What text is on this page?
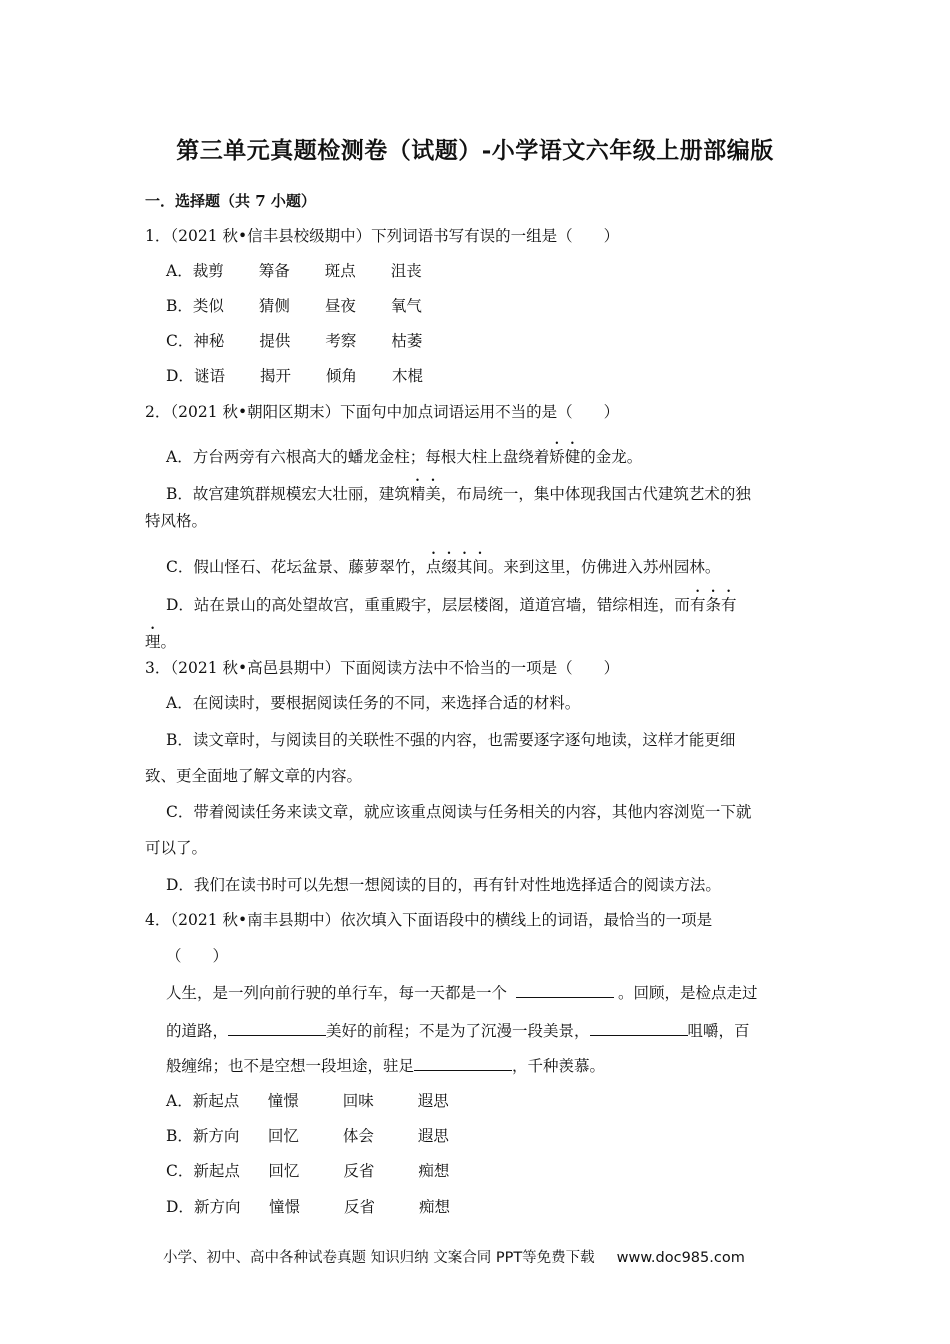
第三单元真题检测卷（试题）-小学语文六年级上册部编版
一．选择题（共 7 小题）
1．（2021 秋•信丰县校级期中）下列词语书写有误的一组是（　　）
A．裁剪 筹备 斑点 沮丧
B．类似 猜侧 昼夜 氧气
C．神秘 提供 考察 枯萎
D．谜语 揭开 倾角 木棍
2．（2021 秋•朝阳区期末）下面句中加点词语运用不当的是（　　）
A．方台两旁有六根高大的蟠龙金柱；每根大柱上盘绕着矫健的金龙。
B．故宫建筑群规模宏大壮丽，建筑精美，布局统一，集中体现我国古代建筑艺术的独
特风格。
C．假山怪石、花坛盆景、藤萝翠竹，点缀其间。来到这里，仿佛进入苏州园林。
D．站在景山的高处望故宫，重重殿宇，层层楼阁，道道宫墙，错综相连，而有条有
理。
3．（2021 秋•高邑县期中）下面阅读方法中不恰当的一项是（　　）
A．在阅读时，要根据阅读任务的不同，来选择合适的材料。
B．读文章时，与阅读目的关联性不强的内容，也需要逐字逐句地读，这样才能更细
致、更全面地了解文章的内容。
C．带着阅读任务来读文章，就应该重点阅读与任务相关的内容，其他内容浏览一下就
可以了。
D．我们在读书时可以先想一想阅读的目的，再有针对性地选择适合的阅读方法。
4．（2021 秋•南丰县期中）依次填入下面语段中的横线上的词语，最恰当的一项是
（　　）
人生，是一列向前行驶的单行车，每一天都是一个	。回顾，是检点走过
的道路，	美好的前程；不是为了沉漫一段美景，	咀嚼，百
般缠绵；也不是空想一段坦途，驻足	，千种羡慕。
A．新起点 憧憬	回味	遐思
B．新方向 回忆	体会	遐思
C．新起点 回忆	反省	痴想
D．新方向 憧憬	反省	痴想
小学、初中、高中各种试卷真题 知识归纳 文案合同 PPT等免费下载 www.doc985.com
